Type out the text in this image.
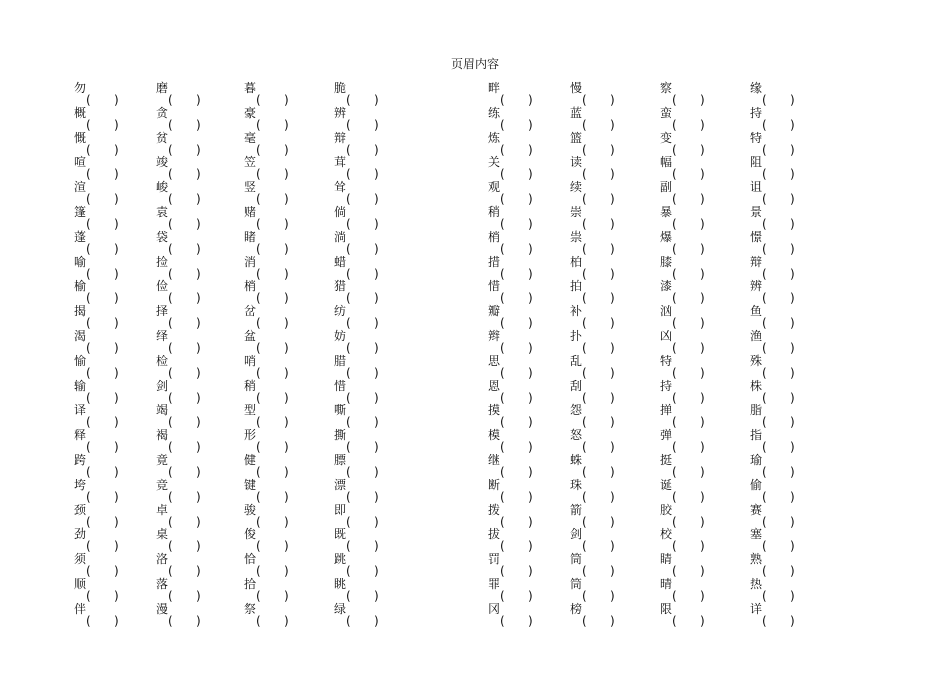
页眉内容
勿
( )
磨
( )
暮
( )
脆
( )
畔
( )
慢
( )
察
( )
缘
( )
概
( )
贪
( )
豪
( )
辨
( )
练
( )
蓝
( )
蛮
( )
持
( )
慨
( )
贫
( )
毫
( )
辩
( )
炼
( )
篮
( )
变
( )
特
( )
喧
( )
竣
( )
笠
( )
茸
( )
关
( )
读
( )
幅
( )
阻
( )
渲
( )
峻
( )
竖
( )
耸
( )
观
( )
续
( )
副
( )
诅
( )
篷
( )
袁
( )
赌
( )
倘
( )
稍
( )
崇
( )
暴
( )
景
( )
蓬
( )
袋
( )
睹
( )
淌
( )
梢
( )
祟
( )
爆
( )
憬
( )
喻
( )
捡
( )
消
( )
蜡
( )
措
( )
柏
( )
膝
( )
辩
( )
榆
( )
俭
( )
梢
( )
猎
( )
惜
( )
拍
( )
漆
( )
辨
( )
揭
( )
择
( )
岔
( )
纺
( )
瓣
( )
补
( )
汹
( )
鱼
( )
渴
( )
绎
( )
盆
( )
妨
( )
辫
( )
扑
( )
凶
( )
渔
( )
愉
( )
检
( )
哨
( )
腊
( )
思
( )
乱
( )
特
( )
殊
( )
输
( )
剑
( )
稍
( )
惜
( )
恩
( )
刮
( )
持
( )
株
( )
译
( )
竭
( )
型
( )
嘶
( )
摸
( )
怨
( )
掸
( )
脂
( )
释
( )
褐
( )
形
( )
撕
( )
模
( )
怒
( )
弹
( )
指
( )
跨
( )
竟
( )
健
( )
膘
( )
继
( )
蛛
( )
挺
( )
瑜
( )
垮
( )
竞
( )
键
( )
漂
( )
断
( )
珠
( )
诞
( )
偷
( )
颈
( )
卓
( )
骏
( )
即
( )
拨
( )
箭
( )
胶
( )
赛
( )
劲
( )
桌
( )
俊
( )
既
( )
拔
( )
剑
( )
校
( )
塞
( )
须
( )
洛
( )
恰
( )
跳
( )
罚
( )
筒
( )
睛
( )
熟
( )
顺
( )
落
( )
拾
( )
眺
( )
罪
( )
筒
( )
晴
( )
热
( )
伴
( )
漫
( )
祭
( )
绿
( )
冈
( )
榜
( )
限
( )
详
( )
